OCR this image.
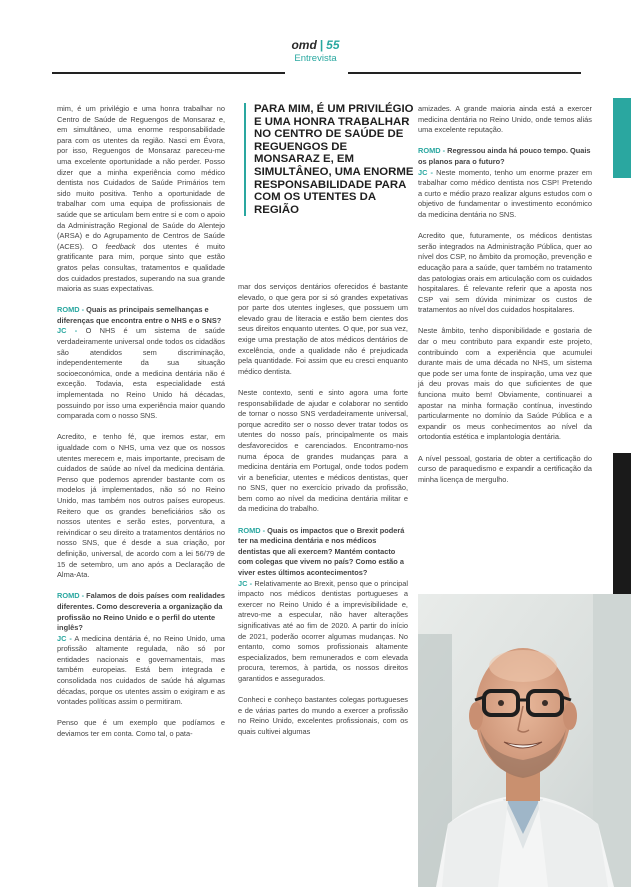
omd | 55
Entrevista

mim, é um privilégio e uma honra trabalhar no Centro de Saúde de Reguengos de Monsaraz e, em simultâneo, uma enorme responsabilidade para com os utentes da região. Nasci em Évora, por isso, Reguengos de Monsaraz pareceu-me uma excelente oportunidade a não perder. Posso dizer que a minha experiência como médico dentista nos Cuidados de Saúde Primários tem sido muito positiva. Tenho a oportunidade de trabalhar com uma equipa de profissionais de saúde que se articulam bem entre si e com o apoio da Administração Regional de Saúde do Alentejo (ARSA) e do Agrupamento de Centros de Saúde (ACES). O feedback dos utentes é muito gratificante para mim, porque sinto que estão gratos pelas consultas, tratamentos e qualidade dos cuidados prestados, superando na sua grande maioria as suas expectativas.

ROMD - Quais as principais semelhanças e diferenças que encontra entre o NHS e o SNS?

JC - O NHS é um sistema de saúde verdadeiramente universal onde todos os cidadãos são atendidos sem discriminação, independentemente da sua situação socioeconómica, onde a medicina dentária não é exceção. Todavia, esta especialidade está implementada no Reino Unido há décadas, possuindo por isso uma experiência maior quando comparada com o nosso SNS.

Acredito, e tenho fé, que iremos estar, em igualdade com o NHS, uma vez que os nossos utentes merecem e, mais importante, precisam de cuidados de saúde ao nível da medicina dentária. Penso que podemos aprender bastante com os modelos já implementados, não só no Reino Unido, mas também nos outros países europeus. Reitero que os grandes beneficiários são os nossos utentes e serão estes, porventura, a reivindicar o seu direito a tratamentos dentários no nosso SNS, que é desde a sua criação, por definição, universal, de acordo com a lei 56/79 de 15 de setembro, um ano após a Declaração de Alma-Ata.

ROMD - Falamos de dois países com realidades diferentes. Como descreveria a organização da profissão no Reino Unido e o perfil do utente inglês?

JC - A medicina dentária é, no Reino Unido, uma profissão altamente regulada, não só por entidades nacionais e governamentais, mas também europeias. Está bem integrada e consolidada nos cuidados de saúde há algumas décadas, porque os utentes assim o exigiram e as vontades políticas assim o permitiram.

Penso que é um exemplo que podíamos e deviamos ter em conta. Como tal, o pata-

PARA MIM, É UM PRIVILÉGIO E UMA HONRA TRABALHAR NO CENTRO DE SAÚDE DE REGUENGOS DE MONSARAZ E, EM SIMULTÂNEO, UMA ENORME RESPONSABILIDADE PARA COM OS UTENTES DA REGIÃO

mar dos serviços dentários oferecidos é bastante elevado, o que gera por si só grandes expetativas por parte dos utentes ingleses, que possuem um elevado grau de literacia e estão bem cientes dos seus direitos enquanto utentes. O que, por sua vez, exige uma prestação de atos médicos dentários de excelência, onde a qualidade não é prejudicada pela quantidade. Foi assim que eu cresci enquanto médico dentista.

Neste contexto, senti e sinto agora uma forte responsabilidade de ajudar e colaborar no sentido de tornar o nosso SNS verdadeiramente universal, porque acredito ser o nosso dever tratar todos os utentes do nosso país, principalmente os mais desfavorecidos e carenciados. Encontramo-nos numa época de grandes mudanças para a medicina dentária em Portugal, onde todos podem vir a beneficiar, utentes e médicos dentistas, quer no SNS, quer no exercício privado da profissão, bem como ao nível da medicina dentária militar e da medicina do trabalho.

ROMD - Quais os impactos que o Brexit poderá ter na medicina dentária e nos médicos dentistas que ali exercem? Mantém contacto com colegas que vivem no país? Como estão a viver estes últimos acontecimentos?

JC - Relativamente ao Brexit, penso que o principal impacto nos médicos dentistas portugueses a exercer no Reino Unido é a imprevisibilidade e, atrevo-me a especular, não haver alterações significativas até ao fim de 2020. A partir do início de 2021, poderão ocorrer algumas mudanças. No entanto, como somos profissionais altamente especializados, bem remunerados e com elevada procura, teremos, à partida, os nossos direitos garantidos e assegurados.

Conheci e conheço bastantes colegas portugueses e de várias partes do mundo a exercer a profissão no Reino Unido, excelentes profissionais, com os quais cultivei algumas

amizades. A grande maioria ainda está a exercer medicina dentária no Reino Unido, onde temos aliás uma excelente reputação.

ROMD - Regressou ainda há pouco tempo. Quais os planos para o futuro?

JC - Neste momento, tenho um enorme prazer em trabalhar como médico dentista nos CSP! Pretendo a curto e médio prazo realizar alguns estudos com o objetivo de fundamentar o investimento económico da medicina dentária no SNS.

Acredito que, futuramente, os médicos dentistas serão integrados na Administração Pública, quer ao nível dos CSP, no âmbito da promoção, prevenção e educação para a saúde, quer também no tratamento das patologias orais em articulação com os cuidados hospitalares. É relevante referir que a aposta nos CSP vai sem dúvida minimizar os custos de tratamentos ao nível dos cuidados hospitalares.

Neste âmbito, tenho disponibilidade e gostaria de dar o meu contributo para expandir este projeto, contribuindo com a experiência que acumulei durante mais de uma década no NHS, um sistema que pode ser uma fonte de inspiração, uma vez que já deu provas mais do que suficientes de que funciona muito bem! Obviamente, continuarei a apostar na minha formação contínua, investindo particularmente no domínio da Saúde Pública e a expandir os meus conhecimentos ao nível da ortodontia estética e implantologia dentária.

A nível pessoal, gostaria de obter a certificação do curso de paraquedismo e expandir a certificação da minha licença de mergulho.
